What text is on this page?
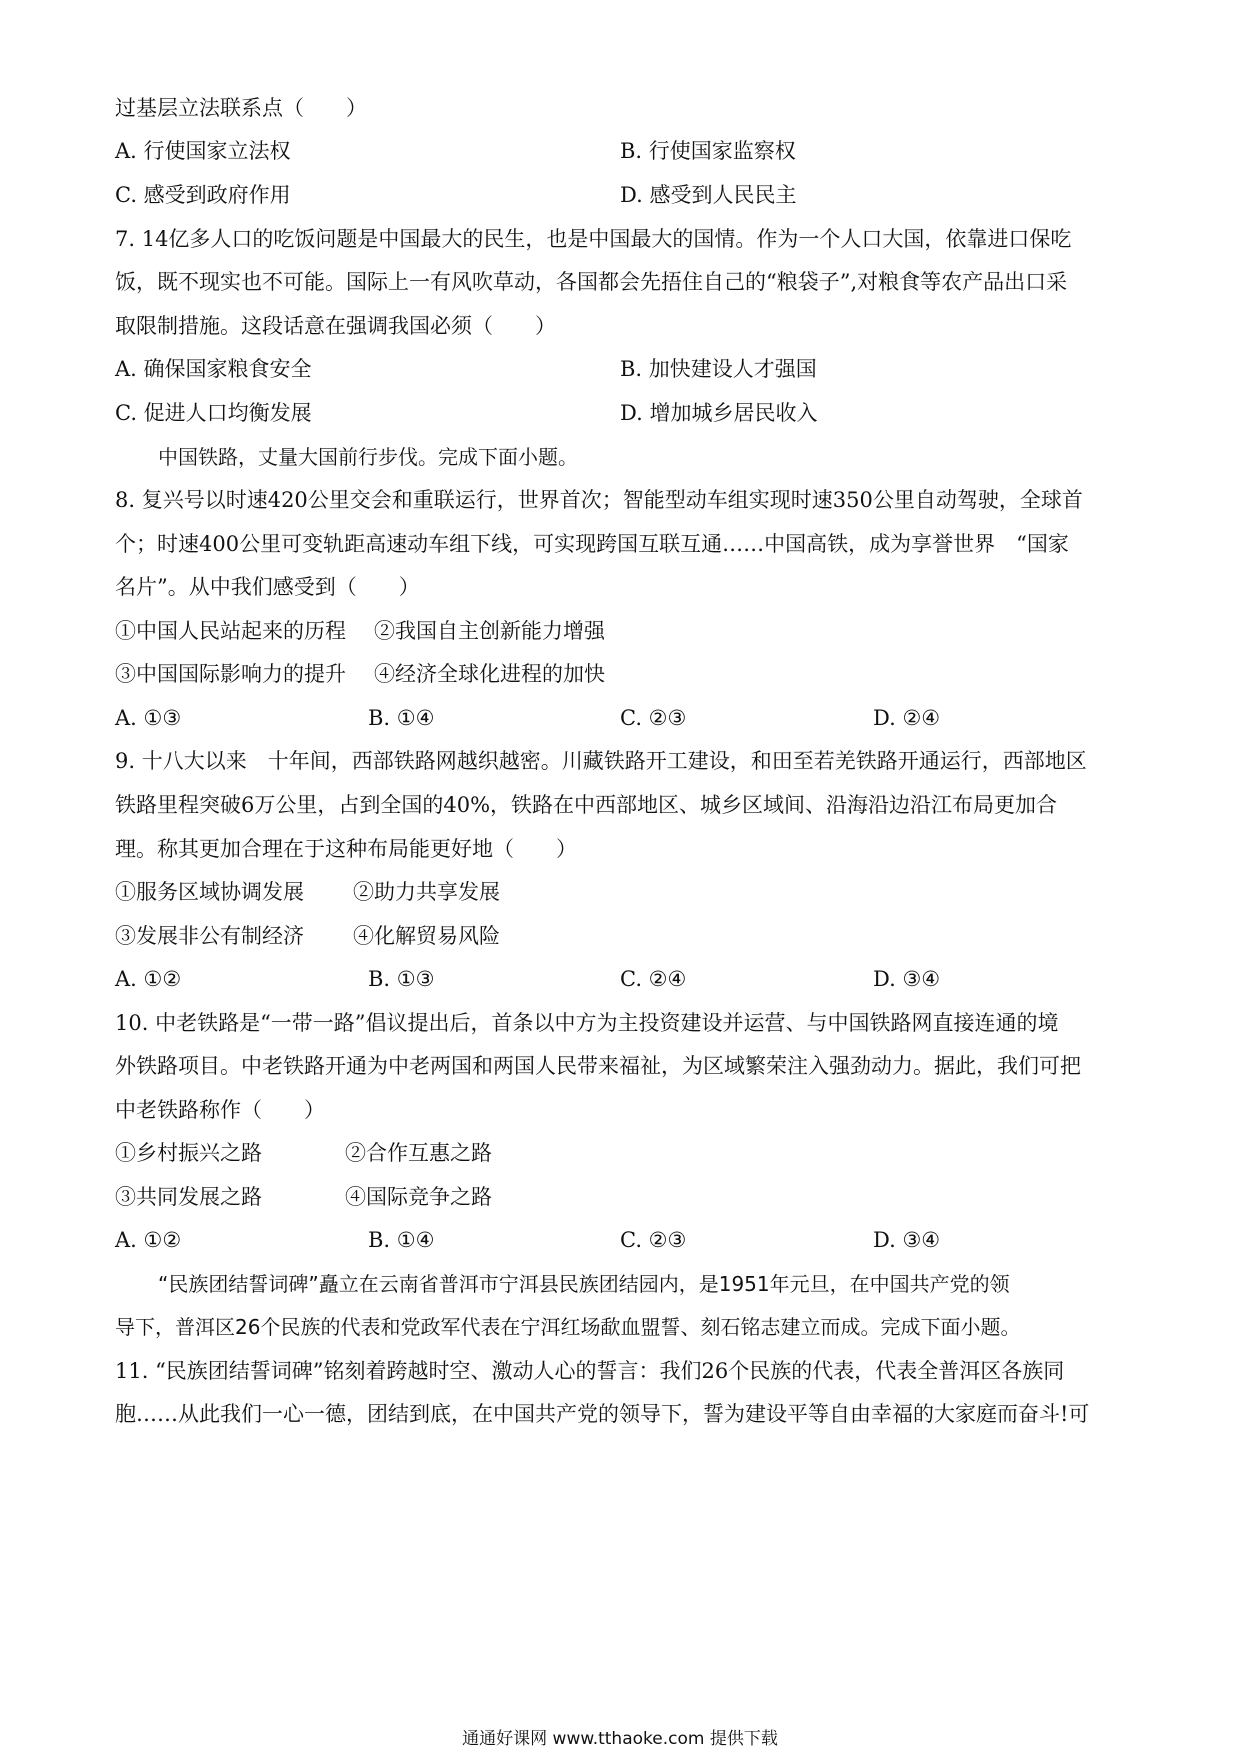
过基层立法联系点（　　）
A. 行使国家立法权	B. 行使国家监察权
C. 感受到政府作用	D. 感受到人民民主
7. 14亿多人口的吃饭问题是中国最大的民生，也是中国最大的国情。作为一个人口大国，依靠进口保吃
饭，既不现实也不可能。国际上一有风吹草动，各国都会先捂住自己的“粮袋子”,对粮食等农产品出口采
取限制措施。这段话意在强调我国必须（　　）
A. 确保国家粮食安全	B. 加快建设人才强国
C. 促进人口均衡发展	D. 增加城乡居民收入
中国铁路，丈量大国前行步伐。完成下面小题。
8. 复兴号以时速420公里交会和重联运行，世界首次；智能型动车组实现时速350公里自动驾驶，全球首
个；时速400公里可变轨距高速动车组下线，可实现跨国互联互通……中国高铁，成为享誉世界　“国家
名片”。从中我们感受到（　　）
①中国人民站起来的历程 ②我国自主创新能力增强
③中国国际影响力的提升 ④经济全球化进程的加快
A. ①③	B. ①④	C. ②③	D. ②④
9. 十八大以来　十年间，西部铁路网越织越密。川藏铁路开工建设，和田至若羌铁路开通运行，西部地区
铁路里程突破6万公里，占到全国的40%，铁路在中西部地区、城乡区域间、沿海沿边沿江布局更加合
理。称其更加合理在于这种布局能更好地（　　）
①服务区域协调发展 ②助力共享发展
③发展非公有制经济 ④化解贸易风险
A. ①②	B. ①③	C. ②④	D. ③④
10. 中老铁路是“一带一路”倡议提出后，首条以中方为主投资建设并运营、与中国铁路网直接连通的境
外铁路项目。中老铁路开通为中老两国和两国人民带来福祉，为区域繁荣注入强劲动力。据此，我们可把
中老铁路称作（　　）
①乡村振兴之路	②合作互惠之路
③共同发展之路	④国际竞争之路
A. ①②	B. ①④	C. ②③	D. ③④
“民族团结誓词碑”矗立在云南省普洱市宁洱县民族团结园内，是1951年元旦，在中国共产党的领
导下，普洱区26个民族的代表和党政军代表在宁洱红场歃血盟誓、刻石铭志建立而成。完成下面小题。
11. “民族团结誓词碑”铭刻着跨越时空、激动人心的誓言：我们26个民族的代表，代表全普洱区各族同
胞……从此我们一心一德，团结到底，在中国共产党的领导下，誓为建设平等自由幸福的大家庭而奋斗!可
通通好课网 www.tthaoke.com 提供下载
